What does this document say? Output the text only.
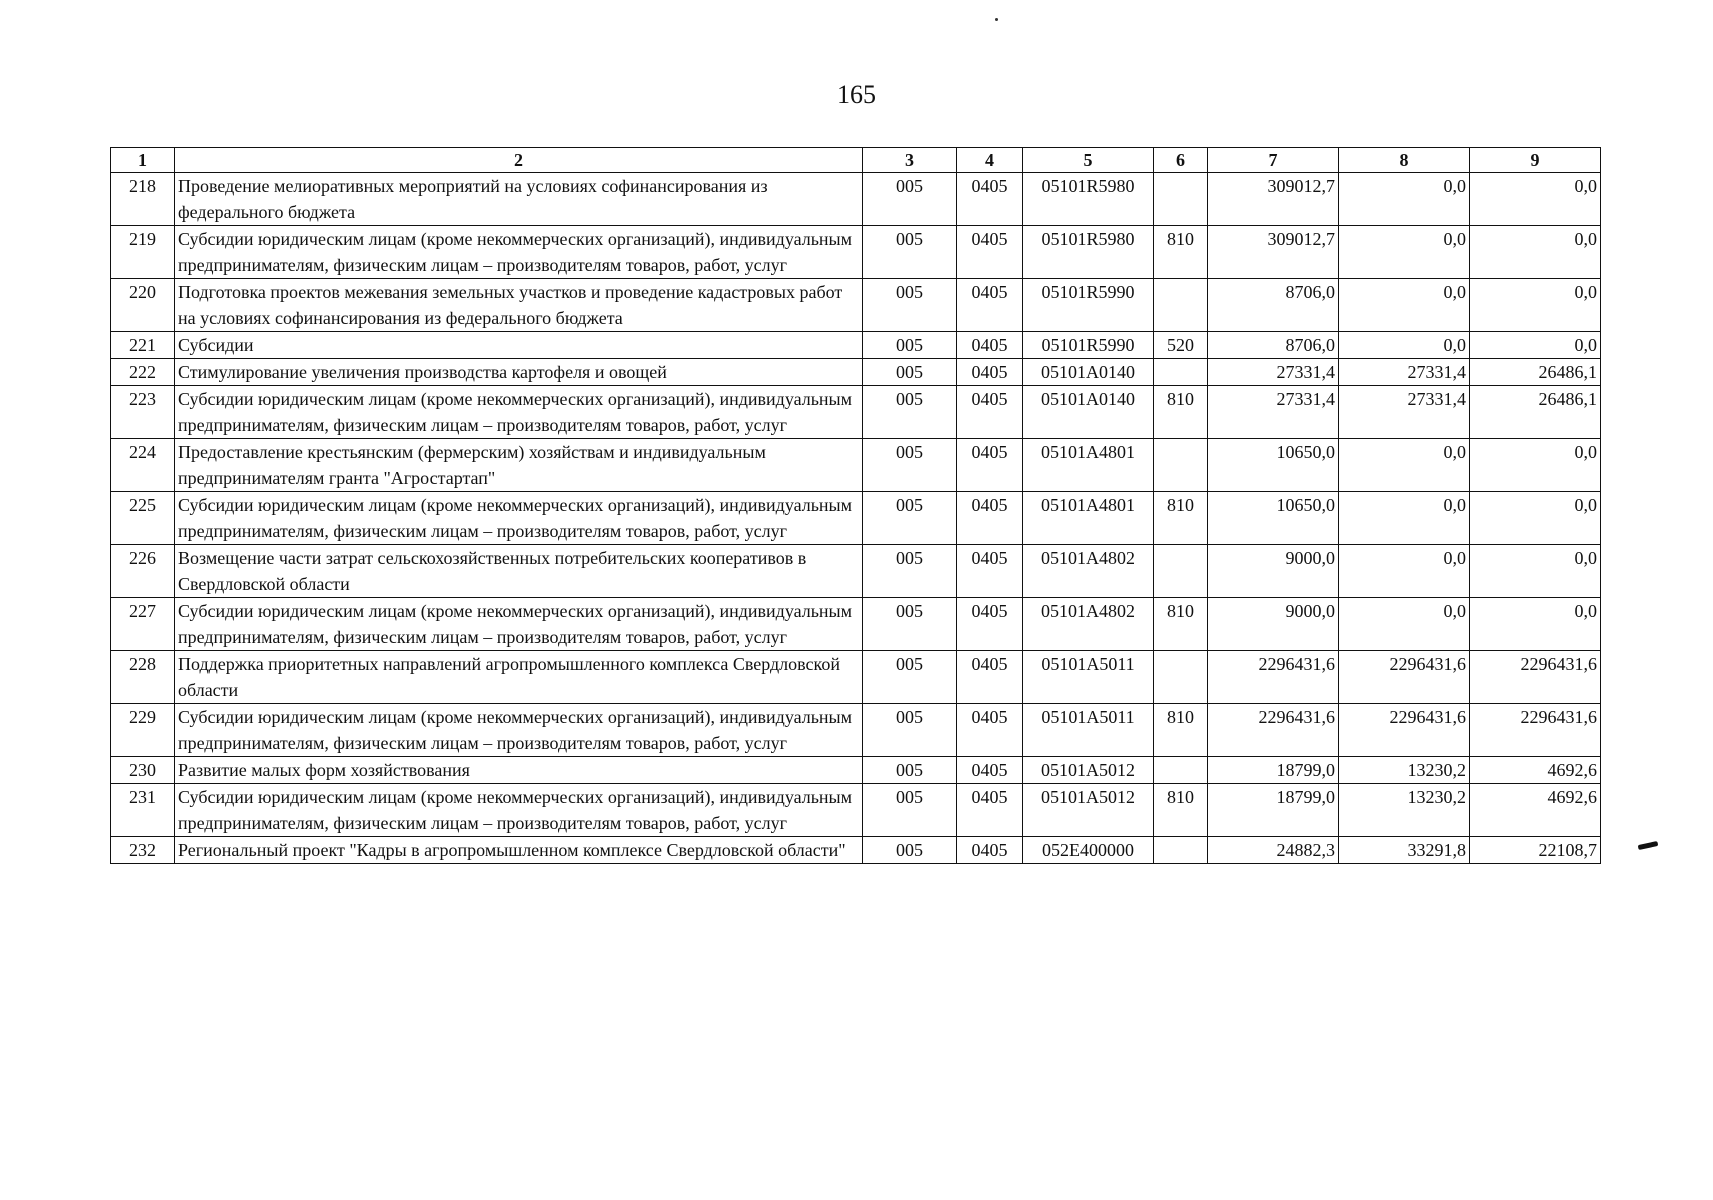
165
1	2	3	4	5	6	7	8	9
218	Проведение мелиоративных мероприятий на условиях софинансирования из федерального бюджета	005	0405	05101R5980		309012,7	0,0	0,0
219	Субсидии юридическим лицам (кроме некоммерческих организаций), индивидуальным предпринимателям, физическим лицам – производителям товаров, работ, услуг	005	0405	05101R5980	810	309012,7	0,0	0,0
220	Подготовка проектов межевания земельных участков и проведение кадастровых работ на условиях софинансирования из федерального бюджета	005	0405	05101R5990		8706,0	0,0	0,0
221	Субсидии	005	0405	05101R5990	520	8706,0	0,0	0,0
222	Стимулирование увеличения производства картофеля и овощей	005	0405	05101A0140		27331,4	27331,4	26486,1
223	Субсидии юридическим лицам (кроме некоммерческих организаций), индивидуальным предпринимателям, физическим лицам – производителям товаров, работ, услуг	005	0405	05101A0140	810	27331,4	27331,4	26486,1
224	Предоставление крестьянским (фермерским) хозяйствам и индивидуальным предпринимателям гранта "Агростартап"	005	0405	05101A4801		10650,0	0,0	0,0
225	Субсидии юридическим лицам (кроме некоммерческих организаций), индивидуальным предпринимателям, физическим лицам – производителям товаров, работ, услуг	005	0405	05101A4801	810	10650,0	0,0	0,0
226	Возмещение части затрат сельскохозяйственных потребительских кооперативов в Свердловской области	005	0405	05101A4802		9000,0	0,0	0,0
227	Субсидии юридическим лицам (кроме некоммерческих организаций), индивидуальным предпринимателям, физическим лицам – производителям товаров, работ, услуг	005	0405	05101A4802	810	9000,0	0,0	0,0
228	Поддержка приоритетных направлений агропромышленного комплекса Свердловской области	005	0405	05101A5011		2296431,6	2296431,6	2296431,6
229	Субсидии юридическим лицам (кроме некоммерческих организаций), индивидуальным предпринимателям, физическим лицам – производителям товаров, работ, услуг	005	0405	05101A5011	810	2296431,6	2296431,6	2296431,6
230	Развитие малых форм хозяйствования	005	0405	05101A5012		18799,0	13230,2	4692,6
231	Субсидии юридическим лицам (кроме некоммерческих организаций), индивидуальным предпринимателям, физическим лицам – производителям товаров, работ, услуг	005	0405	05101A5012	810	18799,0	13230,2	4692,6
232	Региональный проект "Кадры в агропромышленном комплексе Свердловской области"	005	0405	052E400000		24882,3	33291,8	22108,7
